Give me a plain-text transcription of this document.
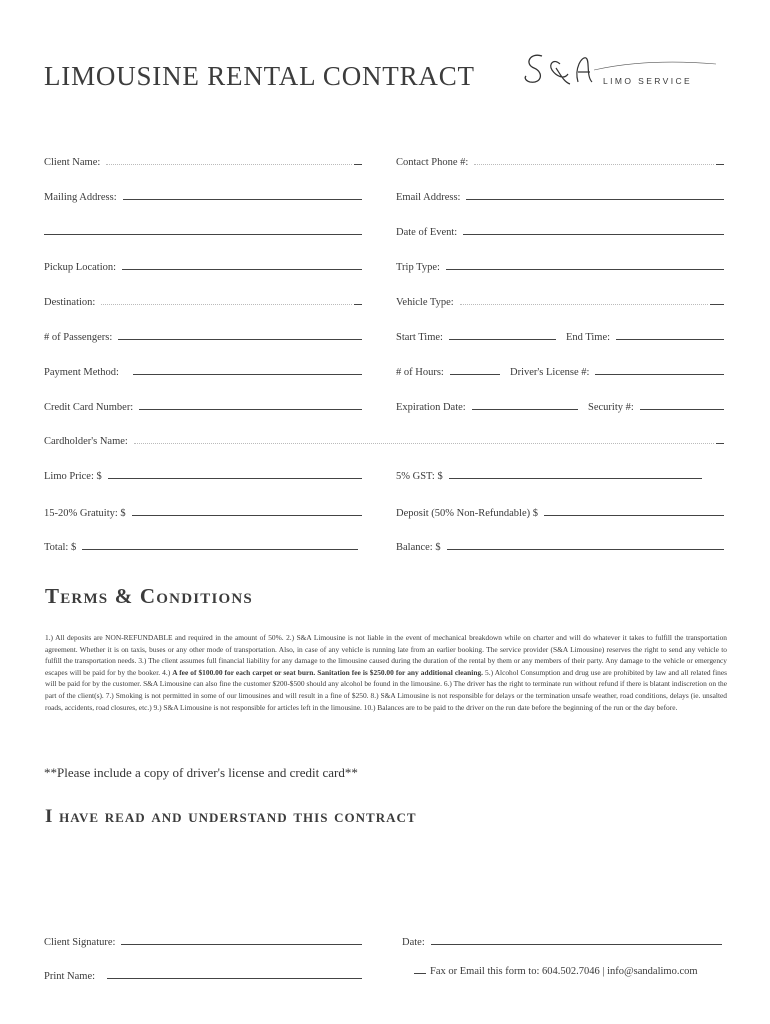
LIMOUSINE RENTAL CONTRACT	LIMO SERVICE
Client Name:	Contact Phone #:
Mailing Address:	Email Address:
Date of Event:
Pickup Location:	Trip Type:
Destination:	Vehicle Type:
# of Passengers:	Start Time:	End Time:
Payment Method:	# of Hours:	Driver's License #:
Credit Card Number:	Expiration Date:	Security #:
Cardholder's Name:
Limo Price: $	5% GST: $
15-20% Gratuity: $	Deposit (50% Non-Refundable) $
Total: $	Balance: $
Terms & Conditions

1.) All deposits are NON-REFUNDABLE and required in the amount of 50%. 2.) S&A Limousine is not liable in the event of mechanical breakdown while on charter and will do whatever it takes to fulfill the transportation agreement. Whether it is on taxis, buses or any other mode of transportation. Also, in case of any vehicle is running late from an earlier booking. The service provider (S&A Limousine) reserves the right to send any vehicle to fulfill the transportation needs. 3.) The client assumes full financial liability for any damage to the limousine caused during the duration of the rental by them or any members of their party. Any damage to the vehicle or emergency escapes will be paid for by the booker. 4.) A fee of $100.00 for each carpet or seat burn. Sanitation fee is $250.00 for any additional cleaning. 5.) Alcohol Consumption and drug use are prohibited by law and all related fines will be paid for by the customer. S&A Limousine can also fine the customer $200-$500 should any alcohol be found in the limousine. 6.) The driver has the right to terminate run without refund if there is blatant indiscretion on the part of the client(s). 7.) Smoking is not permitted in some of our limousines and will result in a fine of $250. 8.) S&A Limousine is not responsible for delays or the termination unsafe weather, road conditions, delays (ie. unsalted roads, accidents, road closures, etc.) 9.) S&A Limousine is not responsible for articles left in the limousine. 10.) Balances are to be paid to the driver on the run date before the beginning of the run or the day before.

**Please include a copy of driver's license and credit card**

I have read and understand this contract
Client Signature:	Date:
Print Name:	Fax or Email this form to: 604.502.7046 | info@sandalimo.com
